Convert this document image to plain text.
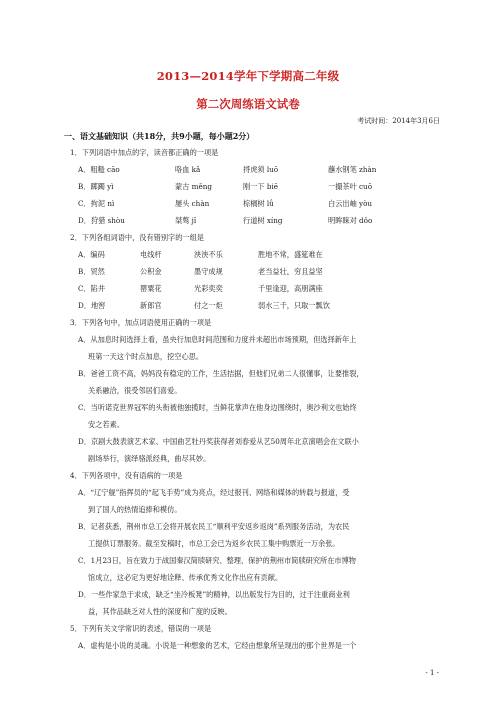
2013—2014学年下学期高二年级
第二次周练语文试卷
考试时间：2014年3月6日
一、语文基础知识（共18分，共9小题，每小题2分）
1．下列词语中加点的字，读音都正确的一项是
A．粗糙 cāo	咯血 kǎ	捋虎须 luō	蘸水钢笔 zhàn
B．踯躅 yì	蒙古 měng	刚一下 biē	一撮茶叶 cuō
C．拘泥 nì	屡头 chàn	棕榈树 lǘ	白云出岫 yòu
D．狩猎 shòu	桀骜 jǐ	行道树 xíng	明眸睐对 dǒo
2．下列各组词语中，没有错别字的一组是
A．编码	电线杆	泱泱不乐	胜地不常，盛筵难在
B．贸然	公积金	墨守成规	老当益壮，穷且益坚
C．陷井	罂粟花	光彩奕奕	千里逢迎，高朋满座
D．地窖	新郎官	付之一炬	弱水三千，只取一瓢饮
3．下列各句中，加点词语使用正确的一项是
A．从加息时间选择上看，虽央行加息时间范围和力度并未超出市场预期，但选择新年上
班第一天这个时点加息，挖空心思。
B．爸爸工资不高，妈妈没有稳定的工作，生活拮据，但他们兄弟二人很懂事，让要推裂，
关系融洽，很受邻居们喜爱。
C．当听诺克世界冠军的头衔被他独揽时，当鲜花掌声在他身边围绕时，奥沙利文也始终
安之若素。
D．京剧大鼓表演艺术家、中国曲艺牡丹奖获得者刘春爱从艺50周年北京演唱会在文联小
剧场举行，演绎骆派经典，曲尽其妙。
4．下列各项中，没有语病的一项是
A．“辽宁舰”指挥员的“起飞手势”成为亮点，经过报刊、网络和媒体的转载与报道，受
到了国人的热情追捧和模仿。
B．记者获悉，荆州市总工会将开展农民工“顺利平安返乡返岗”系列服务活动，为农民
工提供订票服务。截至发稿时，市总工会已为返乡农民工集中购票近一万余张。
C．1月23日，旨在致力于战国秦汉简牍研究、整理、保护的荆州市简牍研究所在市博物
馆成立，这必定为更好地诠释、传承优秀文化作出应有贡献。
D．一些作家急于求成，缺乏“坐冷板凳”的精神，以出版发行为目的，过于注重商业利
益，其作品缺乏对人性的深度和广度的反映。
5．下列有关文学常识的表述，错误的一项是
A．虚构是小说的灵魂。小说是一种想象的艺术，它经由想象所呈现出的那个世界是一个
- 1 -
